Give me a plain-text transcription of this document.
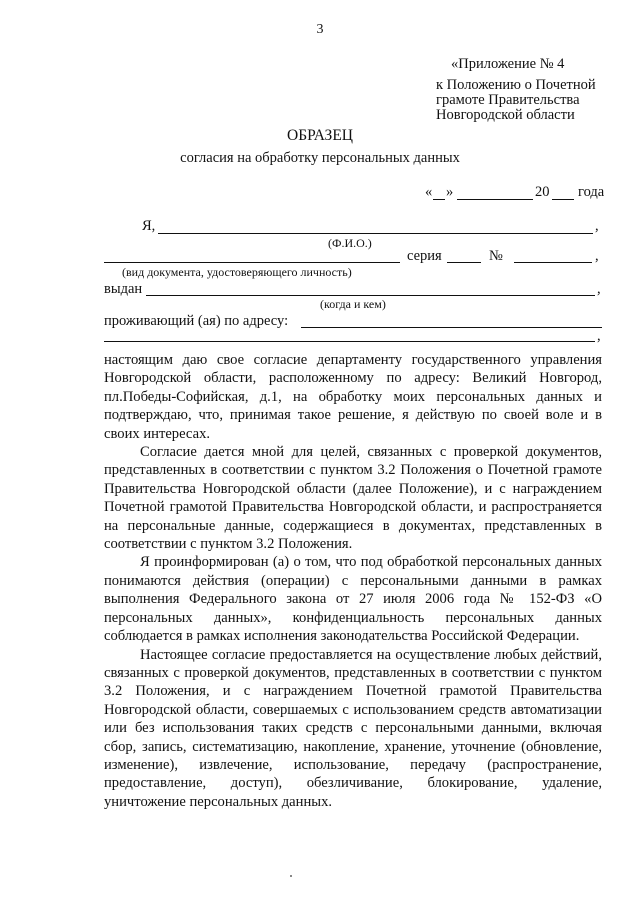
3
«Приложение № 4
к Положению о Почетной
грамоте Правительства
Новгородской области
ОБРАЗЕЦ
согласия на обработку персональных данных
« »	20 года
Я,	,
(Ф.И.О.)
серия	№	,
(вид документа, удостоверяющего личность)
выдан	,
(когда и кем)
проживающий (ая) по адресу:
,

настоящим даю свое согласие департаменту государственного управления Новгородской области, расположенному по адресу: Великий Новгород, пл.Победы-Софийская, д.1, на обработку моих персональных данных и подтверждаю, что, принимая такое решение, я действую по своей воле и в своих интересах.

Согласие дается мной для целей, связанных с проверкой документов, представленных в соответствии с пунктом 3.2 Положения о Почетной грамоте Правительства Новгородской области (далее Положение), и с награждением Почетной грамотой Правительства Новгородской области, и распространяется на персональные данные, содержащиеся в документах, представленных в соответствии с пунктом 3.2 Положения.

Я проинформирован (а) о том, что под обработкой персональных данных понимаются действия (операции) с персональными данными в рамках выполнения Федерального закона от 27 июля 2006 года № 152-ФЗ «О персональных данных», конфиденциальность персональных данных соблюдается в рамках исполнения законодательства Российской Федерации.

Настоящее согласие предоставляется на осуществление любых действий, связанных с проверкой документов, представленных в соответствии с пунктом 3.2 Положения, и с награждением Почетной грамотой Правительства Новгородской области, совершаемых с использованием средств автоматизации или без использования таких средств с персональными данными, включая сбор, запись, систематизацию, накопление, хранение, уточнение (обновление, изменение), извлечение, использование, передачу (распространение, предоставление, доступ), обезличивание, блокирование, удаление, уничтожение персональных данных.
